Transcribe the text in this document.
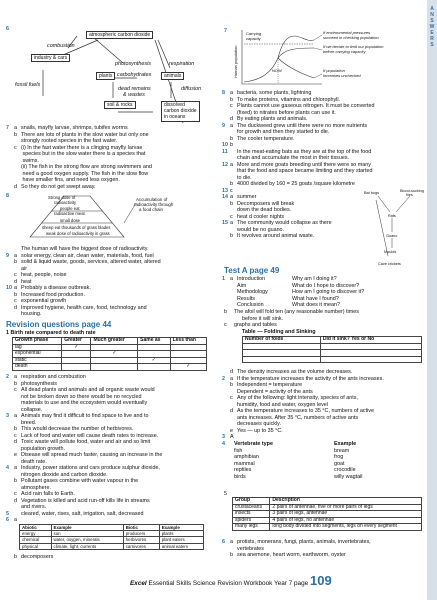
A
N
S
W
E
R
S
6
atmospheric carbon dioxide
industry & cars
plants	animals
soil & rocks	dissolved
carbon dioxide
in oceans
combustion
photosynthesis	respiration
carbohydrates
fossil fuels
dead remains
& wastes
diffusion
7 a snails, mayfly larvae, shrimps, tubifex worms
b There are lots of plants in the slow water but only one
strongly rooted species in the fast water.
c (i) In the fast water there is a clinging mayfly larvae
species but in the slow water there is a species that
swims.
(ii) The fish in the strong flow are strong swimmers and
need a good oxygen supply. The fish in the slow flow
have smaller fins, and need less oxygen.
d So they do not get swept away.
8	Strong dose of
radioactivity
people eat
radioactive meat
small dose
sheep eat thousands of grass blades
weak dose of radioactivity in grass
Accumulation of
radioactivity through
a food chain
The human will have the biggest dose of radioactivity.
9 a solar energy, clean air, clean water, materials, food, fuel
b solid & liquid waste, goods, services, altered water, altered
air
c heat, people, noise
d heat
10 a Probably a disease outbreak.
b Increased food production.
c exponential growth
d Improved hygiene, health care, food, technology and
housing.
Revision questions page 44
1 Birth rate compared to death rate
Growth phase	Greater	Much greater	Same as	Less than
lag	✓			
exponential		✓		
static			✓	
death				✓
2 a respiration and combustion
b photosynthesis
c All dead plants and animals and all organic waste would
not be broken down so there would be no recycled
materials to use and the ecosystem would eventually
collapse.
3 a Animals may find it difficult to find space to live and to
breed.
b This would decrease the number of herbivores.
c Lack of food and water will cause death rates to increase.
d Toxic waste will pollute food, water and air and so limit
population growth.
e Disease will spread much faster, causing an increase in the
death rate.
4 a Industry, power stations and cars produce sulphur dioxide,
nitrogen dioxide and carbon dioxide.
b Pollutant gases combine with water vapour in the
atmosphere.
c Acid rain falls to Earth.
d Vegetation is killed and acid run-off kills life in streams
and rivers.
5 cleared, water, rises, salt, irrigation, salt, decreased
6 a
Abiotic	Example	Biotic	Example
energy	sun	producers	plants
chemical	water, oxygen, minerals	herbivores	plant eaters
physical	climate, light, currents	carnivores	animal eaters
b decomposers
7
Human population
Carrying
capacity
NOW
If environmental pressures
succeed in checking population
If we decide to limit our population
before carrying capacity
If population
increases unchecked
8 a bacteria, some plants, lightning
b To make proteins, vitamins and chlorophyll.
c Plants cannot use gaseous nitrogen. It must be converted
(fixed) to nitrates before plants can use it.
d By eating plants and animals.
9 a The duckweed grew until there were no more nutrients
for growth and then they started to die.
b The cooler temperature.
10 b
11 In the meat-eating bats as they are at the top of the food
chain and accumulate the most in their tissues.
12 a More and more goats breeding until there were so many
that the food and space became limiting and they started
to die.
b 4000 divided by 160 = 25 goats /square kilometre
13 c
14 a summer
b Decomposers will break
down the dead bodies.
c heat d cooler nights
15 a The community would collapse as there
would be no guano.
b It revolves around animal waste.
Bat bugs	Blood-sucking
flies
Rats
Guano
Moulds
Cave crickets
Test A page 49
1 a Introduction	Why am I doing it?
Aim	What do I hope to discover?
Methodology	How am I going to discover it?
Results	What have I found?
Conclusion	What does it mean?
The afoil will fold ten (any reasonable number) times
before it will sink.
graphs and tables
Table — Folding and Sinking
b
c
Number of folds	Did it sink? Yes or No

d The density increases as the volume decreases.
2 a If the temperature increases the activity of the ants increases.
b Independent = temperature
Dependent = activity of the ants
c Any of the following: light intensity, species of ants,
humidity, food and water, oxygen level
d As the temperature increases to 35 °C, numbers of active
ants increases. After 35 °C, numbers of active ants
decreases quickly.
e Yes — up to 35 °C.
3 A
4	Vertebrate type	Example
fish	bream
amphibian	frog
mammal	goat
reptiles	crocodile
birds	willy wagtail
5
Group	Description
crustaceans	2 pairs of antennae, five or more pairs of legs
insects	3 pairs of legs, antennae
spiders	4 pairs of legs, no antennae
many legs	long body divided into segments, legs on every segment
6 a protists, monerans, fungi, plants, animals, invertebrates,
vertebrates
b sea anemone, heart worm, earthworm, oyster
Excel Essential Skills Science Revision Workbook Year 7 page 109
